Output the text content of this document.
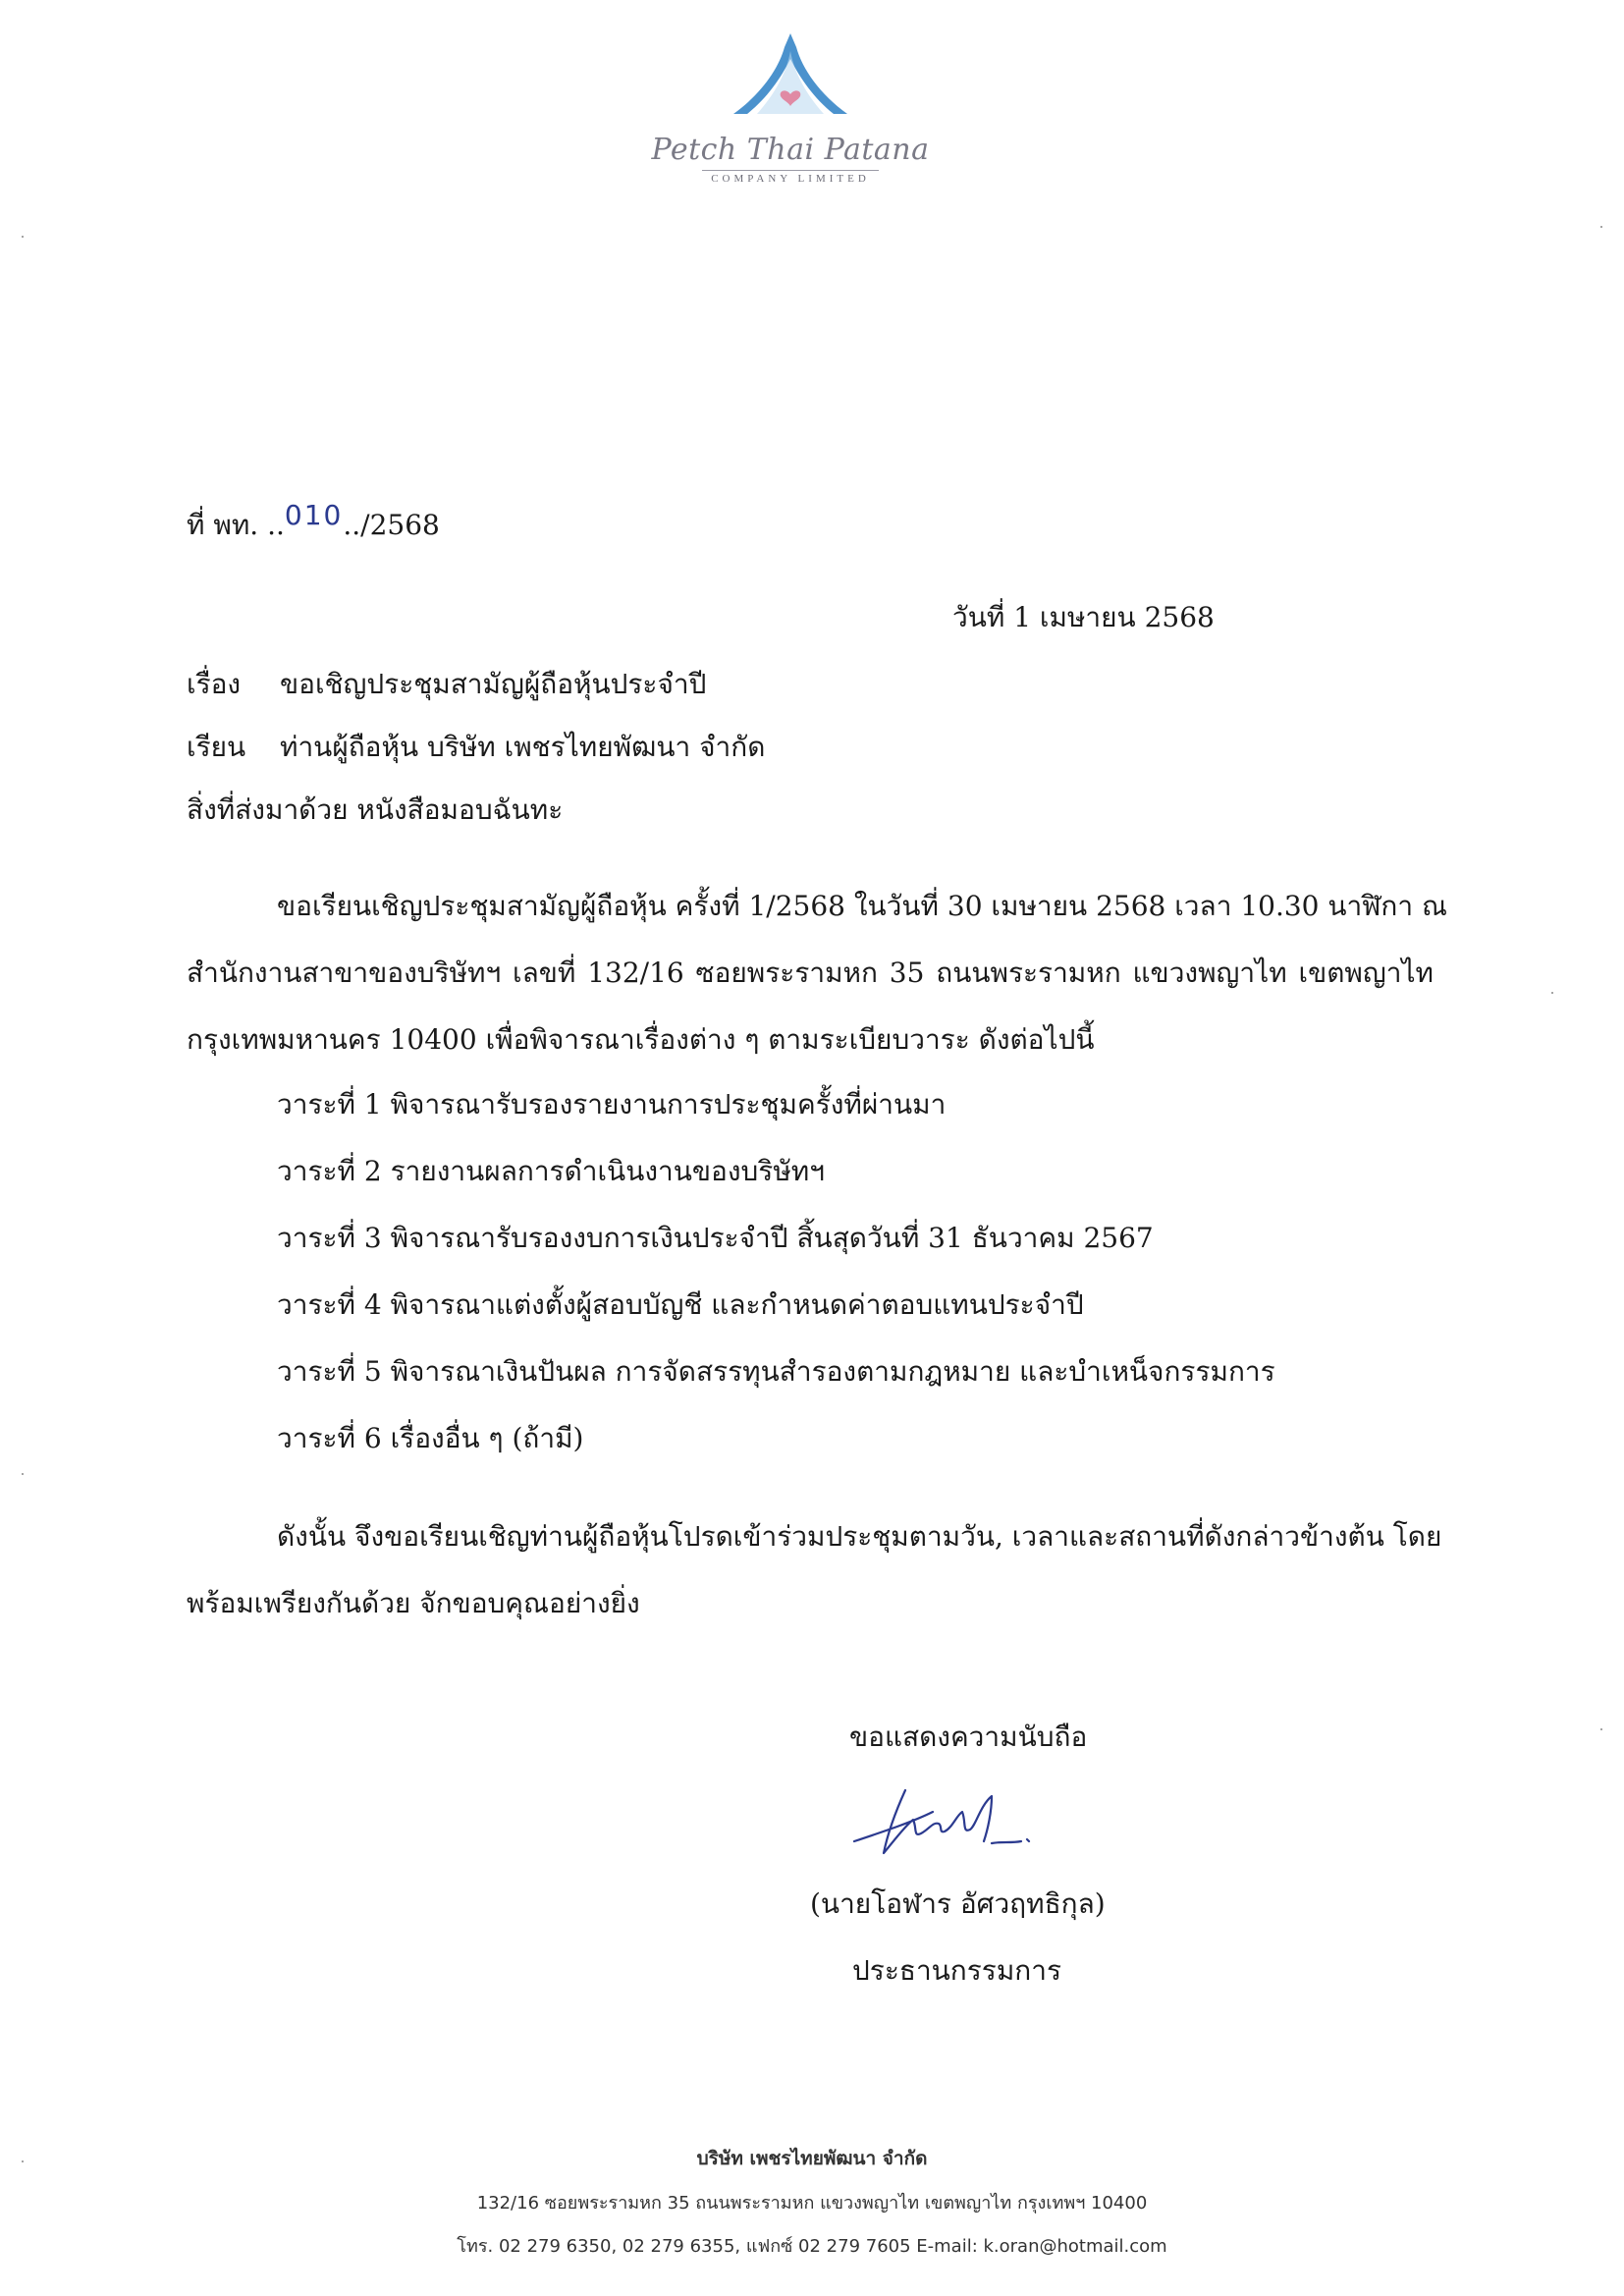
Petch Thai Patana
COMPANY LIMITED
ที่ พท. ..010../2568
วันที่ 1 เมษายน 2568
เรื่อง ขอเชิญประชุมสามัญผู้ถือหุ้นประจำปี
เรียน ท่านผู้ถือหุ้น บริษัท เพชรไทยพัฒนา จำกัด
สิ่งที่ส่งมาด้วย หนังสือมอบฉันทะ
ขอเรียนเชิญประชุมสามัญผู้ถือหุ้น ครั้งที่ 1/2568 ในวันที่ 30 เมษายน 2568 เวลา 10.30 นาฬิกา ณ
สำนักงานสาขาของบริษัทฯ เลขที่ 132/16 ซอยพระรามหก 35 ถนนพระรามหก แขวงพญาไท เขตพญาไท
กรุงเทพมหานคร 10400 เพื่อพิจารณาเรื่องต่าง ๆ ตามระเบียบวาระ ดังต่อไปนี้
วาระที่ 1 พิจารณารับรองรายงานการประชุมครั้งที่ผ่านมา
วาระที่ 2 รายงานผลการดำเนินงานของบริษัทฯ
วาระที่ 3 พิจารณารับรองงบการเงินประจำปี สิ้นสุดวันที่ 31 ธันวาคม 2567
วาระที่ 4 พิจารณาแต่งตั้งผู้สอบบัญชี และกำหนดค่าตอบแทนประจำปี
วาระที่ 5 พิจารณาเงินปันผล การจัดสรรทุนสำรองตามกฎหมาย และบำเหน็จกรรมการ
วาระที่ 6 เรื่องอื่น ๆ (ถ้ามี)
ดังนั้น จึงขอเรียนเชิญท่านผู้ถือหุ้นโปรดเข้าร่วมประชุมตามวัน, เวลาและสถานที่ดังกล่าวข้างต้น โดย
พร้อมเพรียงกันด้วย จักขอบคุณอย่างยิ่ง
ขอแสดงความนับถือ
(นายโอฬาร อัศวฤทธิกุล)
ประธานกรรมการ
บริษัท เพชรไทยพัฒนา จำกัด
132/16 ซอยพระรามหก 35 ถนนพระรามหก แขวงพญาไท เขตพญาไท กรุงเทพฯ 10400
โทร. 02 279 6350, 02 279 6355, แฟกซ์ 02 279 7605 E-mail: k.oran@hotmail.com
